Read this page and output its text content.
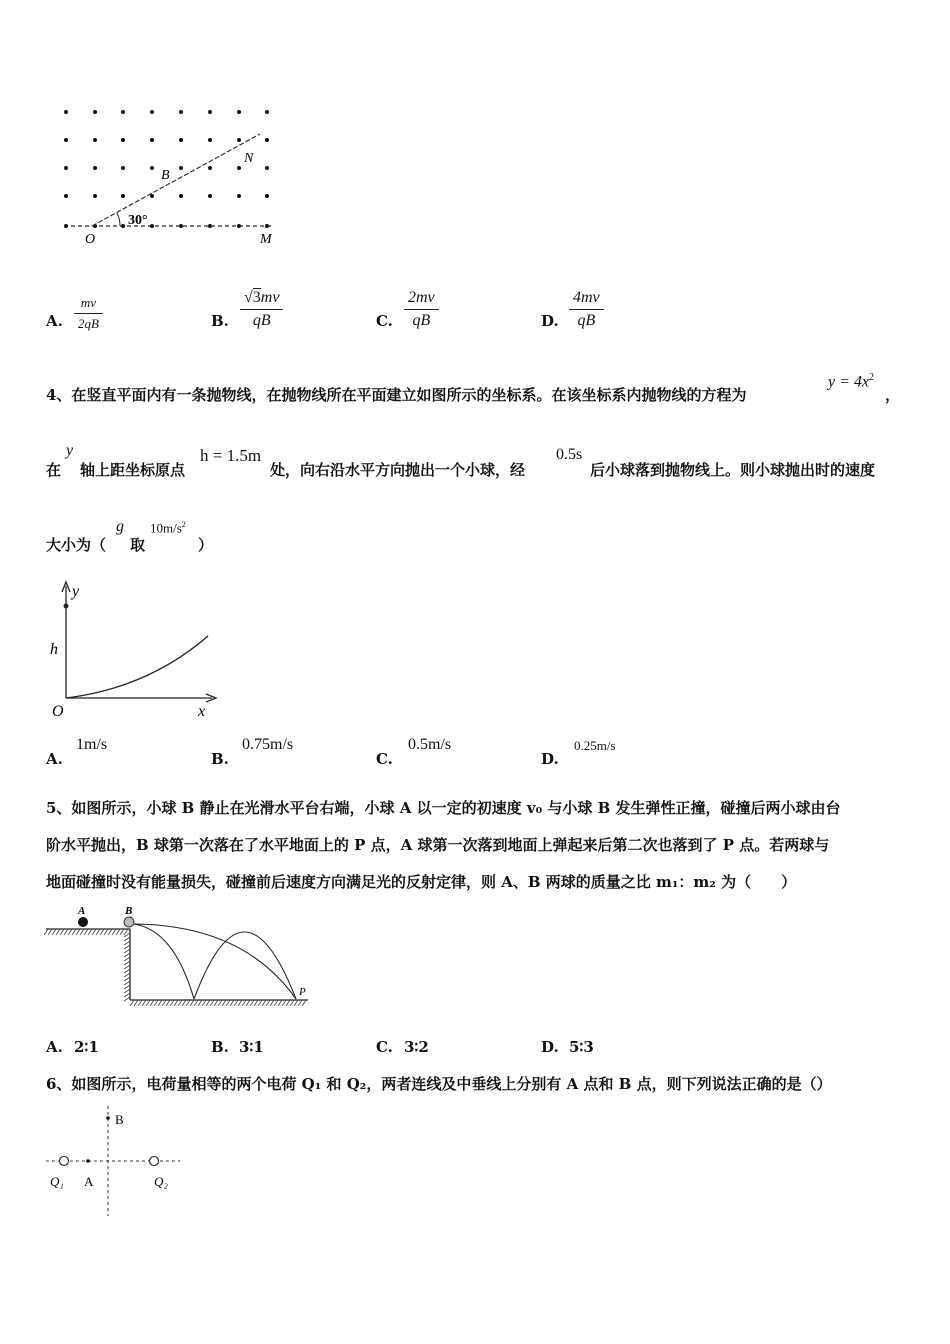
30°
B
N
O	M
A.
mv
2qB	B.
√3mv
qB	C.
2mv
qB	D.
4mv
qB
4、在竖直平面内有一条抛物线，在抛物线所在平面建立如图所示的坐标系。在该坐标系内抛物线的方程为
$y = 4x^2$
，
在
y
轴上距坐标原点
h = 1.5m
处，向右沿水平方向抛出一个小球，经
0.5s
后小球落到抛物线上。则小球抛出时的速度
大小为（
g
取
$10m/s^2$
）
y
h
O	x
A.
1m/s
B.
0.75m/s
C.
0.5m/s
D.
0.25m/s
5、如图所示，小球 B 静止在光滑水平台右端，小球 A 以一定的初速度 v₀ 与小球 B 发生弹性正撞，碰撞后两小球由台
阶水平抛出，B 球第一次落在了水平地面上的 P 点，A 球第一次落到地面上弹起来后第二次也落到了 P 点。若两球与
地面碰撞时没有能量损失，碰撞前后速度方向满足光的反射定律，则 A、B 两球的质量之比 m₁：m₂ 为（　　）
A	B
P
A. 2∶1	B. 3∶1	C. 3∶2	D. 5∶3
6、如图所示，电荷量相等的两个电荷 Q₁ 和 Q₂，两者连线及中垂线上分别有 A 点和 B 点，则下列说法正确的是（）
B
Q₁ A	Q₂
